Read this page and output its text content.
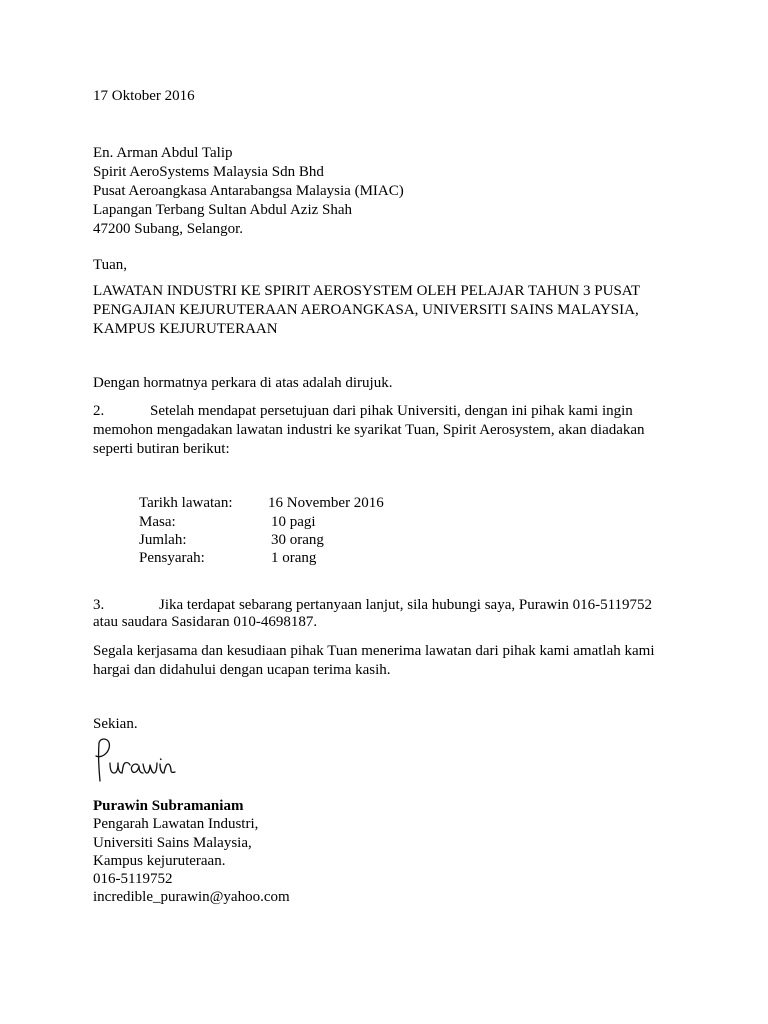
17 Oktober 2016
En. Arman Abdul Talip
Spirit AeroSystems Malaysia Sdn Bhd
Pusat Aeroangkasa Antarabangsa Malaysia (MIAC)
Lapangan Terbang Sultan Abdul Aziz Shah
47200 Subang, Selangor.
Tuan,
LAWATAN INDUSTRI KE SPIRIT AEROSYSTEM OLEH PELAJAR TAHUN 3 PUSAT
PENGAJIAN KEJURUTERAAN AEROANGKASA, UNIVERSITI SAINS MALAYSIA,
KAMPUS KEJURUTERAAN
Dengan hormatnya perkara di atas adalah dirujuk.
2.	Setelah mendapat persetujuan dari pihak Universiti, dengan ini pihak kami ingin
memohon mengadakan lawatan industri ke syarikat Tuan, Spirit Aerosystem, akan diadakan
seperti butiran berikut:
Tarikh lawatan: 16 November 2016
Masa:	10 pagi
Jumlah:	30 orang
Pensyarah:	1 orang
3.	Jika terdapat sebarang pertanyaan lanjut, sila hubungi saya, Purawin 016-5119752
atau saudara Sasidaran 010-4698187.
Segala kerjasama dan kesudiaan pihak Tuan menerima lawatan dari pihak kami amatlah kami
hargai dan didahului dengan ucapan terima kasih.
Sekian.
Purawin Subramaniam
Pengarah Lawatan Industri,
Universiti Sains Malaysia,
Kampus kejuruteraan.
016-5119752
incredible_purawin@yahoo.com
